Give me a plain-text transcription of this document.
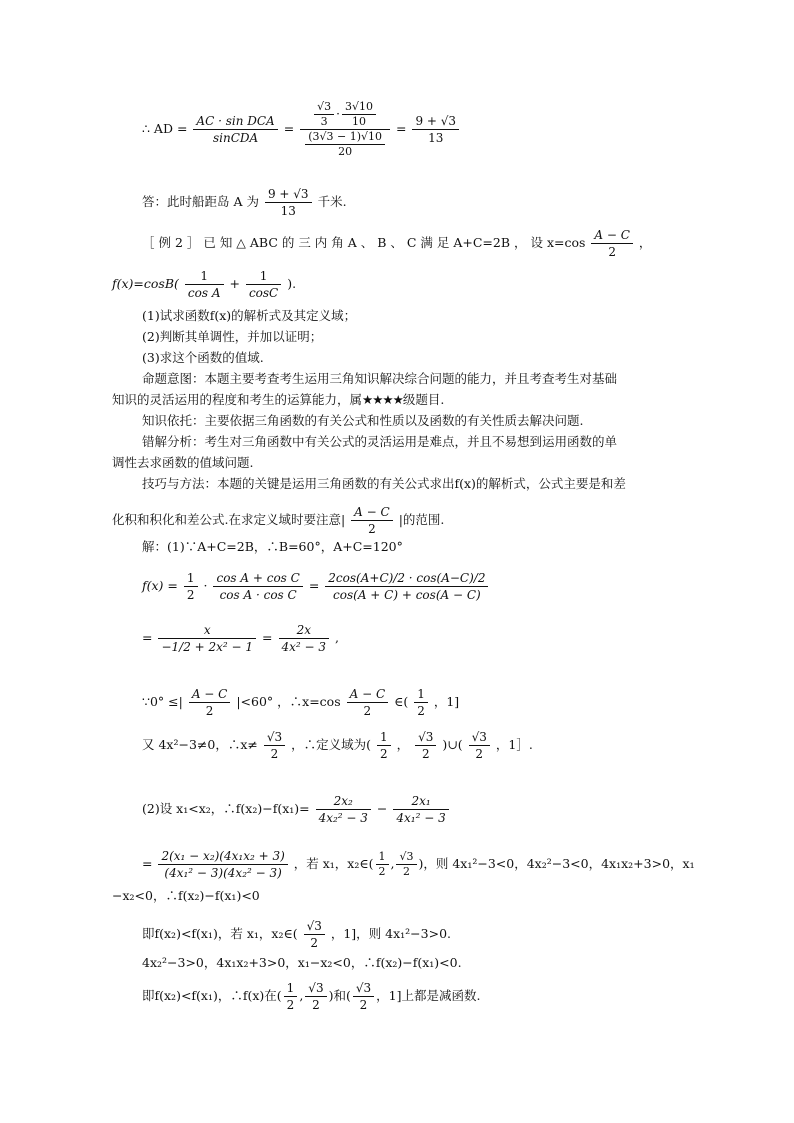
∴ AD = $\frac{\text{AC · sin DCA}}{\text{sinCDA}} = \frac{\frac{√3}{3} \cdot \frac{3√10}{10}}{\frac{(3√3 - 1)√10}{20}} = \frac{9 + √3}{13}$
答：此时船距岛 A 为 $\frac{9 + √3}{13}$ 千米.
［ 例 2 ］ 已 知 △ ABC 的 三 内 角 A 、 B 、 C 满 足 A+C=2B ， 设 $x=\cos \frac{A - C}{2}$ ，
$f(x)=\cos B( \frac{1}{\text{cos A}} + \frac{1}{\cos C}$ ).
(1)试求函数f(x)的解析式及其定义域；
(2)判断其单调性，并加以证明；
(3)求这个函数的值域.
命题意图：本题主要考查考生运用三角知识解决综合问题的能力，并且考查考生对基础
知识的灵活运用的程度和考生的运算能力，属★★★★级题目.
知识依托：主要依据三角函数的有关公式和性质以及函数的有关性质去解决问题.
错解分析：考生对三角函数中有关公式的灵活运用是难点，并且不易想到运用函数的单
调性去求函数的值域问题.
技巧与方法：本题的关键是运用三角函数的有关公式求出f(x)的解析式，公式主要是和差
化积和积化和差公式.在求定义域时要注意| $\frac{A - C}{2}$ |的范围.
解：(1)∵A+C=2B，∴B=60°，A+C=120°
$f(x) = \frac{1}{2} \cdot \frac{\text{cos A + cos C}}{\text{cos A · cos C}} = \frac{2\cos(A+C)/2 \cdot \cos(A-C)/2}{\cos(A + C) + \cos(A - C)}$
= $\frac{x}{\text{−1/2 + 2x² − 1}} = \frac{2x}{\text{4x² − 3}}$ ,
∵0° ≤| $\frac{A - C}{2} |<60^\circ$ ，∴x=cos $\frac{A - C}{2}$ ∈( $\frac{1}{2}$ ，1]
又 4x²−3≠0，∴x≠ $\frac{√3}{2}$ ，∴定义域为( $\frac{1}{2}$ ， $\frac{√3}{2}$ )∪( $\frac{√3}{2}$ ，1］.
(2)设 x₁<x₂，∴f(x₂)−f(x₁)= $\frac{\text{2x₂}}{\text{4x₂² − 3}} - \frac{\text{2x₁}}{\text{4x₁² − 3}}$
= $\frac{\text{2(x₁ − x₂)(4x₁x₂ + 3)}}{\text{(4x₁² − 3)(4x₂² − 3)}}$ ，若 x₁，x₂∈( $\frac{1}{2}$ , $\frac{√3}{2}$ )，则 4x₁²−3<0，4x₂²−3<0，4x₁x₂+3>0，x₁
−x₂<0，∴f(x₂)−f(x₁)<0
即f(x₂)<f(x₁)，若 x₁，x₂∈( $\frac{√3}{2}$ ，1]，则 4x₁²−3>0.
4x₂²−3>0，4x₁x₂+3>0，x₁−x₂<0，∴f(x₂)−f(x₁)<0.
即f(x₂)<f(x₁)，∴f(x)在( $\frac{1}{2}$ , $\frac{√3}{2}$ )和( $\frac{√3}{2}$ ，1]上都是减函数.
